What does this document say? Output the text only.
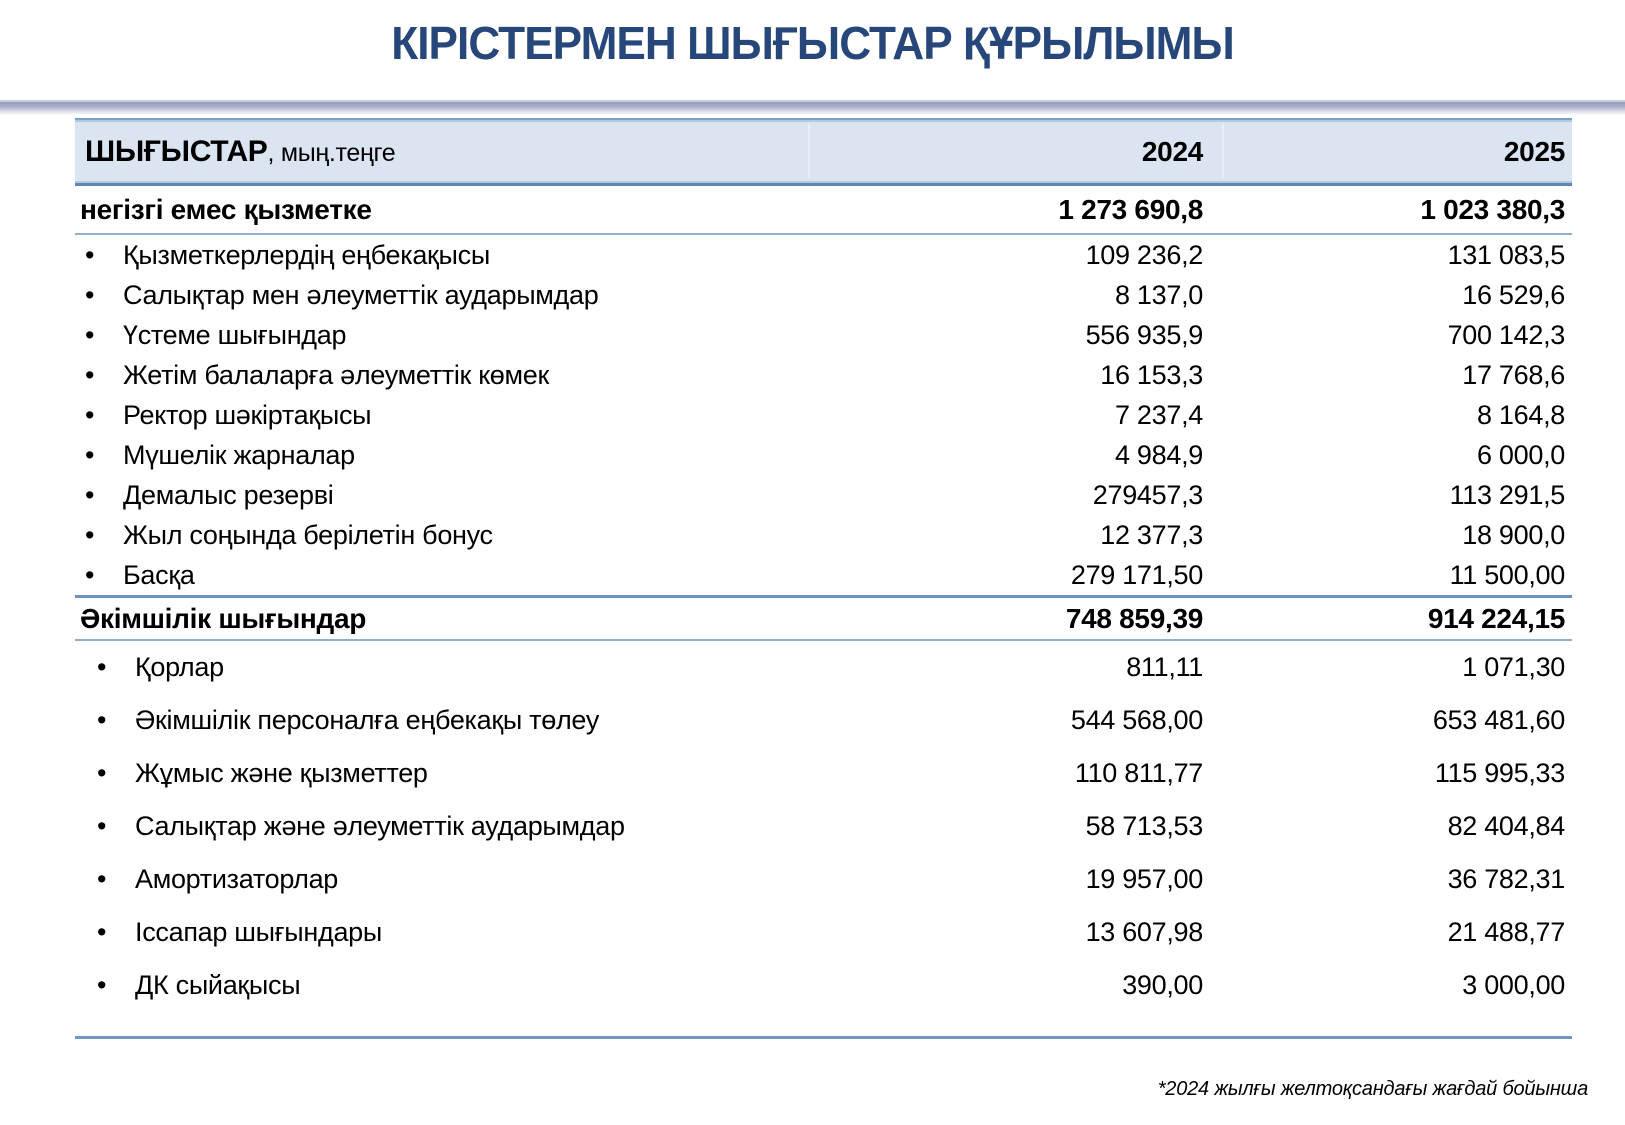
КІРІСТЕРМЕН ШЫҒЫСТАР ҚҰРЫЛЫМЫ
ШЫҒЫСТАР, мың.теңге	2024	2025
негізгі емес қызметке	1 273 690,8	1 023 380,3
•	Қызметкерлердің еңбекақысы	109 236,2	131 083,5
•	Салықтар мен әлеуметтік аударымдар	8 137,0	16 529,6
•	Үстеме шығындар	556 935,9	700 142,3
•	Жетім балаларға әлеуметтік көмек	16 153,3	17 768,6
•	Ректор шәкіртақысы	7 237,4	8 164,8
•	Мүшелік жарналар	4 984,9	6 000,0
•	Демалыс резерві	279457,3	113 291,5
•	Жыл соңында берілетін бонус	12 377,3	18 900,0
•	Басқа	279 171,50	11 500,00
Әкімшілік шығындар	748 859,39	914 224,15
•	Қорлар	811,11	1 071,30
•	Әкімшілік персоналға еңбекақы төлеу	544 568,00	653 481,60
•	Жұмыс және қызметтер	110 811,77	115 995,33
•	Салықтар және әлеуметтік аударымдар	58 713,53	82 404,84
•	Амортизаторлар	19 957,00	36 782,31
•	Іссапар шығындары	13 607,98	21 488,77
•	ДК сыйақысы	390,00	3 000,00
*2024 жылғы желтоқсандағы жағдай бойынша
